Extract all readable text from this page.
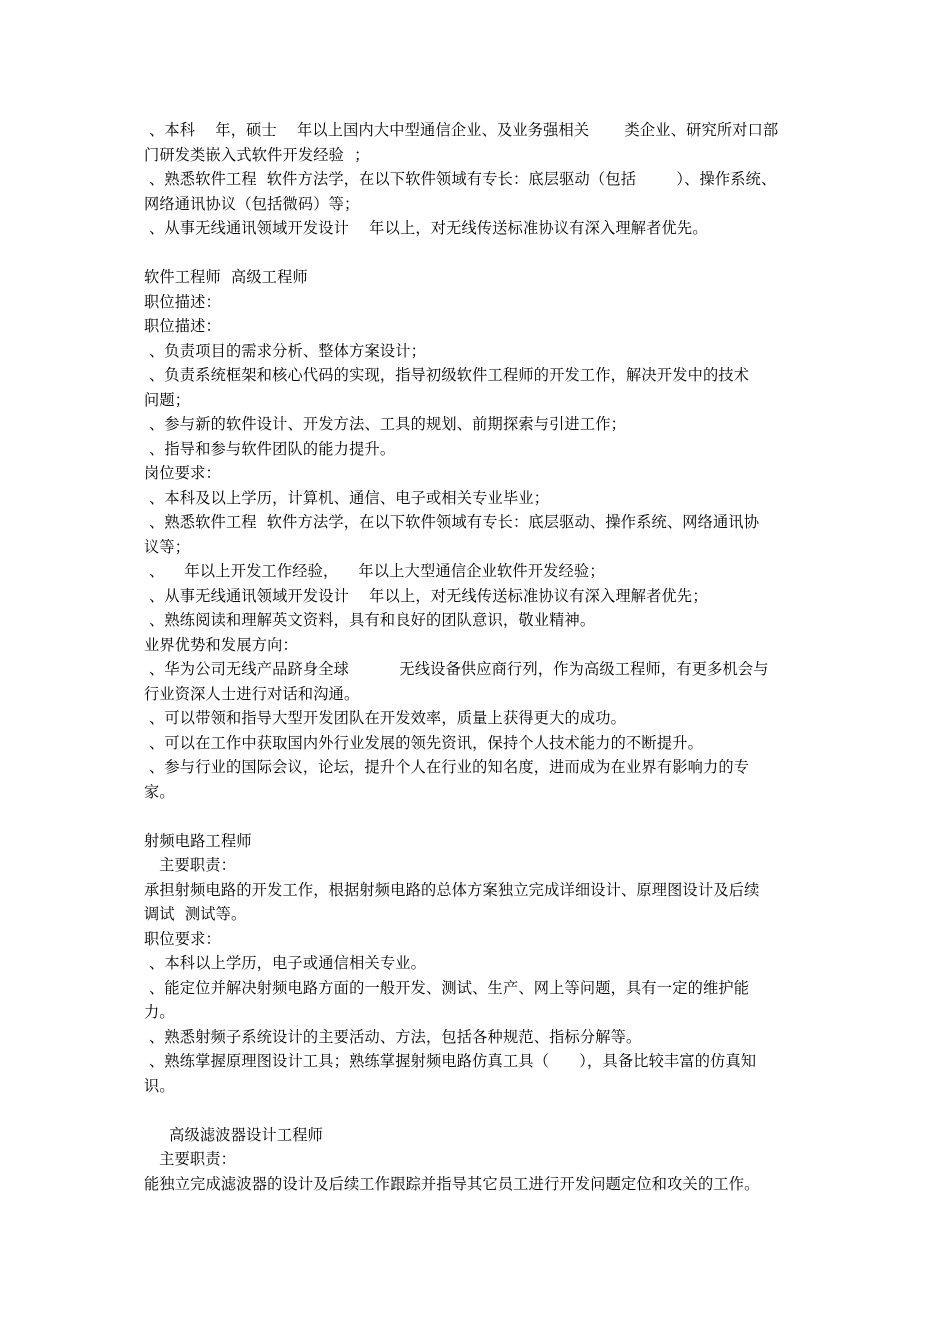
、本科    年，硕士    年以上国内大中型通信企业、及业务强相关       类企业、研究所对口部
门研发类嵌入式软件开发经验  ；
、熟悉软件工程  软件方法学，在以下软件领域有专长：底层驱动（包括        ）、操作系统、
网络通讯协议（包括微码）等；
、从事无线通讯领域开发设计    年以上，对无线传送标准协议有深入理解者优先。
软件工程师  高级工程师
职位描述：
职位描述：
、负责项目的需求分析、整体方案设计；
、负责系统框架和核心代码的实现，指导初级软件工程师的开发工作，解决开发中的技术
问题；
、参与新的软件设计、开发方法、工具的规划、前期探索与引进工作；
、指导和参与软件团队的能力提升。
岗位要求：
、本科及以上学历，计算机、通信、电子或相关专业毕业；
、熟悉软件工程  软件方法学，在以下软件领域有专长：底层驱动、操作系统、网络通讯协
议等；
、    年以上开发工作经验，    年以上大型通信企业软件开发经验；
、从事无线通讯领域开发设计    年以上，对无线传送标准协议有深入理解者优先；
、熟练阅读和理解英文资料，具有和良好的团队意识，敬业精神。
业界优势和发展方向：
、华为公司无线产品跻身全球          无线设备供应商行列，作为高级工程师，有更多机会与
行业资深人士进行对话和沟通。
、可以带领和指导大型开发团队在开发效率，质量上获得更大的成功。
、可以在工作中获取国内外行业发展的领先资讯，保持个人技术能力的不断提升。
、参与行业的国际会议，论坛，提升个人在行业的知名度，进而成为在业界有影响力的专
家。
射频电路工程师
主要职责：
承担射频电路的开发工作，根据射频电路的总体方案独立完成详细设计、原理图设计及后续
调试  测试等。
职位要求：
、本科以上学历，电子或通信相关专业。
、能定位并解决射频电路方面的一般开发、测试、生产、网上等问题，具有一定的维护能
力。
、熟悉射频子系统设计的主要活动、方法，包括各种规范、指标分解等。
、熟练掌握原理图设计工具；熟练掌握射频电路仿真工具（      ），具备比较丰富的仿真知
识。
高级滤波器设计工程师
主要职责：
能独立完成滤波器的设计及后续工作跟踪并指导其它员工进行开发问题定位和攻关的工作。
